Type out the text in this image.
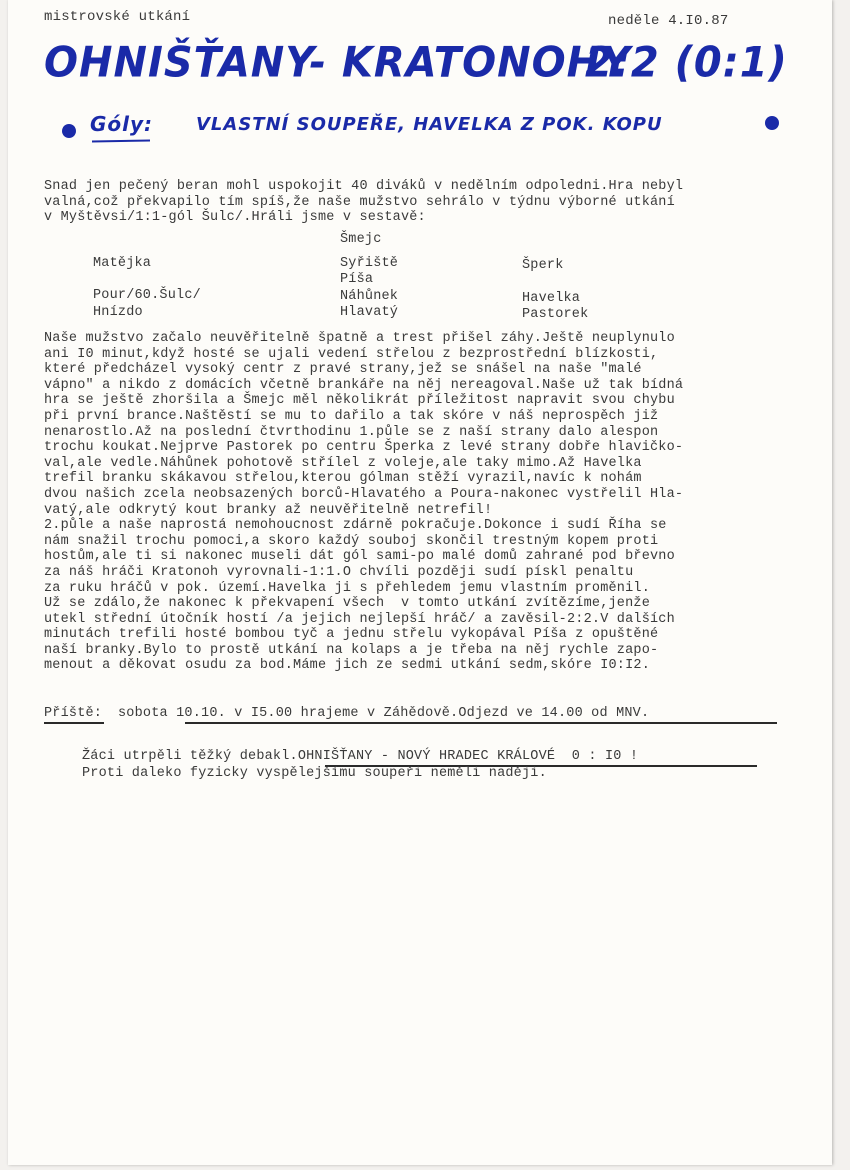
mistrovské utkání	neděle 4.I0.87
OHNIŠŤANY- KRATONOHY
2:2 (0:1)
Góly: VLASTNÍ SOUPEŘE, HAVELKA Z POK. KOPU
Snad jen pečený beran mohl uspokojit 40 diváků v nedělním odpoledni.Hra nebyl
valná,což překvapilo tím spíš,že naše mužstvo sehrálo v týdnu výborné utkání
v Myštěvsi/1:1-gól Šulc/.Hráli jsme v sestavě:
Šmejc
Matějka
Pour/60.Šulc/
Hnízdo
Syřiště
Píša
Náhůnek
Hlavatý
Šperk
Havelka
Pastorek
Naše mužstvo začalo neuvěřitelně špatně a trest přišel záhy.Ještě neuplynulo
ani I0 minut,když hosté se ujali vedení střelou z bezprostřední blízkosti,
které předcházel vysoký centr z pravé strany,jež se snášel na naše "malé
vápno" a nikdo z domácích včetně brankáře na něj nereagoval.Naše už tak bídná
hra se ještě zhoršila a Šmejc měl několikrát příležitost napravit svou chybu
při první brance.Naštěstí se mu to dařilo a tak skóre v náš neprospěch již
nenarostlo.Až na poslední čtvrthodinu 1.půle se z naší strany dalo alespon
trochu koukat.Nejprve Pastorek po centru Šperka z levé strany dobře hlavičko-
val,ale vedle.Náhůnek pohotově střílel z voleje,ale taky mimo.Až Havelka
trefil branku skákavou střelou,kterou gólman stěží vyrazil,navíc k nohám
dvou našich zcela neobsazených borců-Hlavatého a Poura-nakonec vystřelil Hla-
vatý,ale odkrytý kout branky až neuvěřitelně netrefil!
2.půle a naše naprostá nemohoucnost zdárně pokračuje.Dokonce i sudí Říha se
nám snažil trochu pomoci,a skoro každý souboj skončil trestným kopem proti
hostům,ale ti si nakonec museli dát gól sami-po malé domů zahrané pod břevno
za náš hráči Kratonoh vyrovnali-1:1.O chvíli později sudí pískl penaltu
za ruku hráčů v pok. území.Havelka ji s přehledem jemu vlastním proměnil.
Už se zdálo,že nakonec k překvapení všech  v tomto utkání zvítězíme,jenže
utekl střední útočník hostí /a jejich nejlepší hráč/ a zavěsil-2:2.V dalších
minutách trefili hosté bombou tyč a jednu střelu vykopával Píša z opuštěné
naší branky.Bylo to prostě utkání na kolaps a je třeba na něj rychle zapo-
menout a děkovat osudu za bod.Máme jich ze sedmi utkání sedm,skóre I0:I2.
Příště: sobota 10.10. v I5.00 hrajeme v Záhědově.Odjezd ve 14.00 od MNV.
Žáci utrpěli těžký debakl.OHNIŠŤANY - NOVÝ HRADEC KRÁLOVÉ  0 : I0 !
Proti daleko fyzicky vyspělejšímu soupeři neměli naději.
